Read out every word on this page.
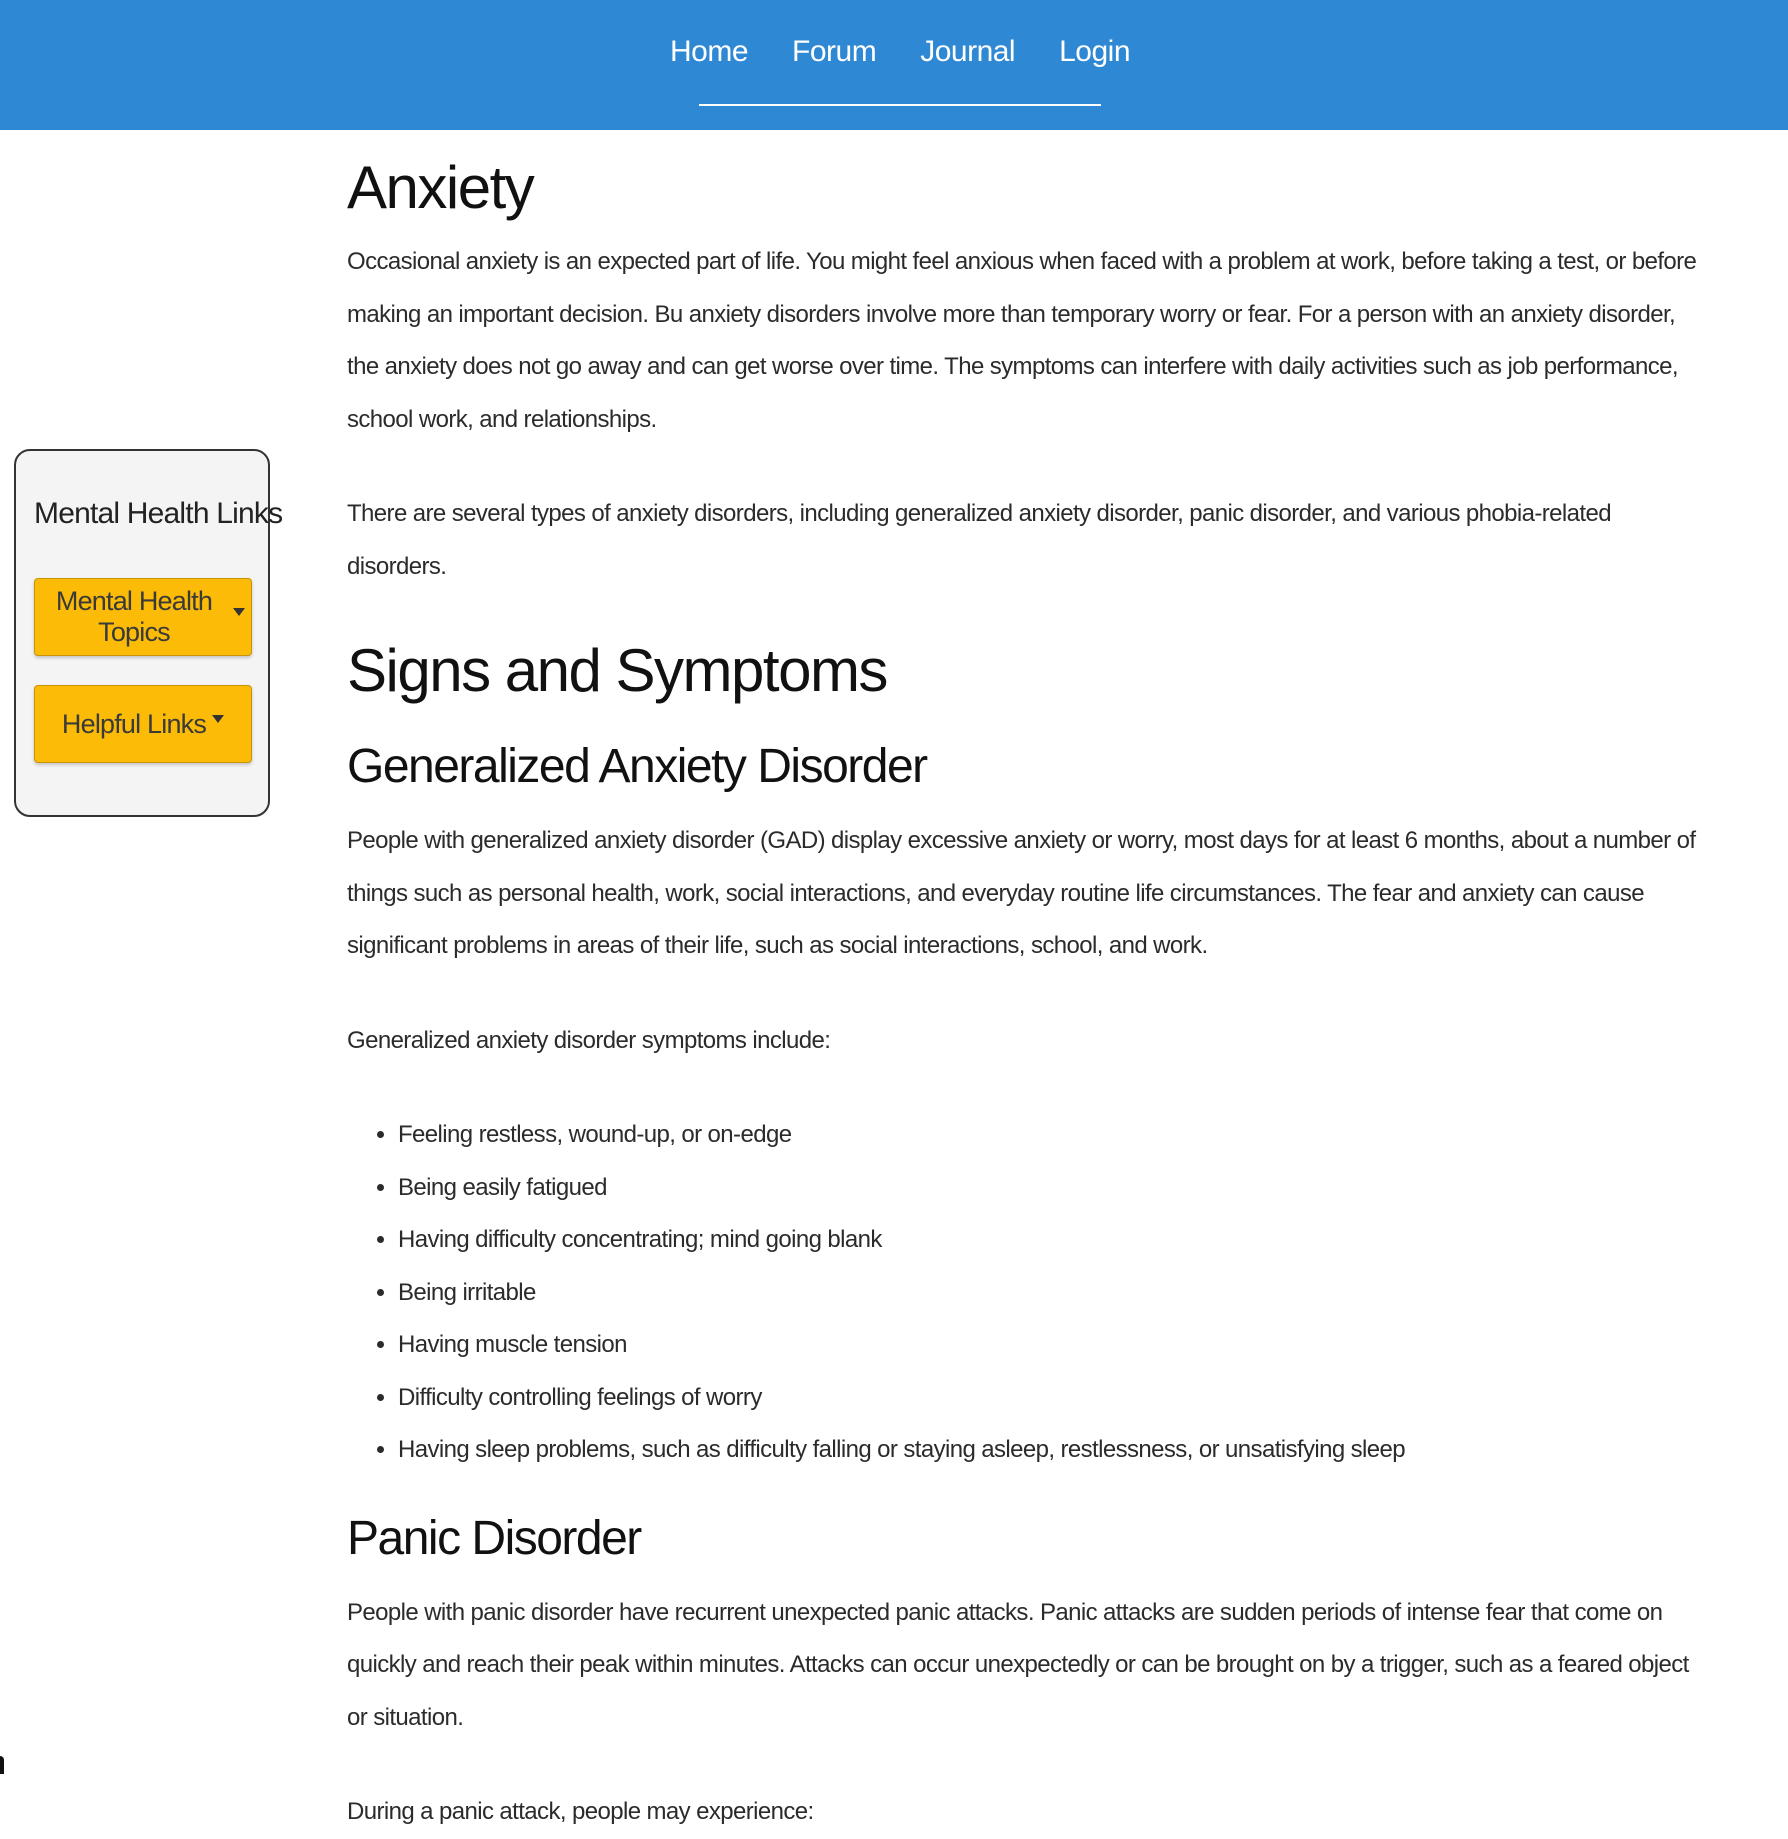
Home Forum Journal Login
Mental Health Links
Mental Health Topics
Helpful Links
Anxiety

Occasional anxiety is an expected part of life. You might feel anxious when faced with a problem at work, before taking a test, or before making an important decision. Bu anxiety disorders involve more than temporary worry or fear. For a person with an anxiety disorder, the anxiety does not go away and can get worse over time. The symptoms can interfere with daily activities such as job performance, school work, and relationships.

There are several types of anxiety disorders, including generalized anxiety disorder, panic disorder, and various phobia-related disorders.

Signs and Symptoms
Generalized Anxiety Disorder

People with generalized anxiety disorder (GAD) display excessive anxiety or worry, most days for at least 6 months, about a number of things such as personal health, work, social interactions, and everyday routine life circumstances. The fear and anxiety can cause significant problems in areas of their life, such as social interactions, school, and work.

Generalized anxiety disorder symptoms include:

• Feeling restless, wound-up, or on-edge
• Being easily fatigued
• Having difficulty concentrating; mind going blank
• Being irritable
• Having muscle tension
• Difficulty controlling feelings of worry
• Having sleep problems, such as difficulty falling or staying asleep, restlessness, or unsatisfying sleep
Panic Disorder

People with panic disorder have recurrent unexpected panic attacks. Panic attacks are sudden periods of intense fear that come on quickly and reach their peak within minutes. Attacks can occur unexpectedly or can be brought on by a trigger, such as a feared object or situation.

During a panic attack, people may experience:
